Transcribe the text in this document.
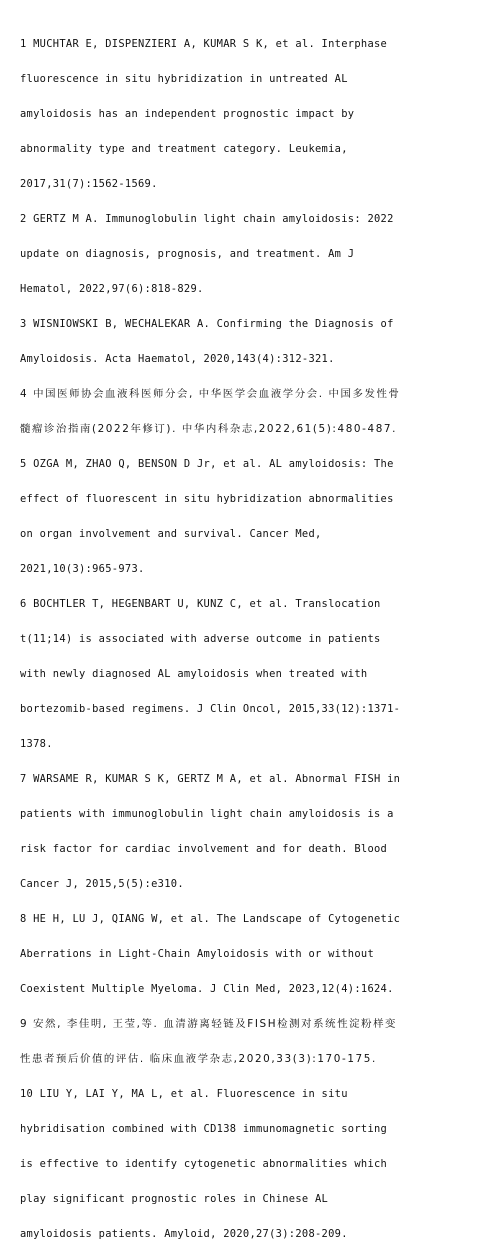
1 MUCHTAR E, DISPENZIERI A, KUMAR S K, et al. Interphase
fluorescence in situ hybridization in untreated AL
amyloidosis has an independent prognostic impact by
abnormality type and treatment category. Leukemia,
2017,31(7):1562-1569.
2 GERTZ M A. Immunoglobulin light chain amyloidosis: 2022
update on diagnosis, prognosis, and treatment. Am J
Hematol, 2022,97(6):818-829.
3 WISNIOWSKI B, WECHALEKAR A. Confirming the Diagnosis of
Amyloidosis. Acta Haematol, 2020,143(4):312-321.
4 中国医师协会血液科医师分会, 中华医学会血液学分会. 中国多发性骨
髓瘤诊治指南(2022年修订). 中华内科杂志,2022,61(5):480-487.
5 OZGA M, ZHAO Q, BENSON D Jr, et al. AL amyloidosis: The
effect of fluorescent in situ hybridization abnormalities
on organ involvement and survival. Cancer Med,
2021,10(3):965-973.
6 BOCHTLER T, HEGENBART U, KUNZ C, et al. Translocation
t(11;14) is associated with adverse outcome in patients
with newly diagnosed AL amyloidosis when treated with
bortezomib-based regimens. J Clin Oncol, 2015,33(12):1371-
1378.
7 WARSAME R, KUMAR S K, GERTZ M A, et al. Abnormal FISH in
patients with immunoglobulin light chain amyloidosis is a
risk factor for cardiac involvement and for death. Blood
Cancer J, 2015,5(5):e310.
8 HE H, LU J, QIANG W, et al. The Landscape of Cytogenetic
Aberrations in Light-Chain Amyloidosis with or without
Coexistent Multiple Myeloma. J Clin Med, 2023,12(4):1624.
9 安然, 李佳明, 王莹,等. 血清游离轻链及FISH检测对系统性淀粉样变
性患者预后价值的评估. 临床血液学杂志,2020,33(3):170-175.
10 LIU Y, LAI Y, MA L, et al. Fluorescence in situ
hybridisation combined with CD138 immunomagnetic sorting
is effective to identify cytogenetic abnormalities which
play significant prognostic roles in Chinese AL
amyloidosis patients. Amyloid, 2020,27(3):208-209.
